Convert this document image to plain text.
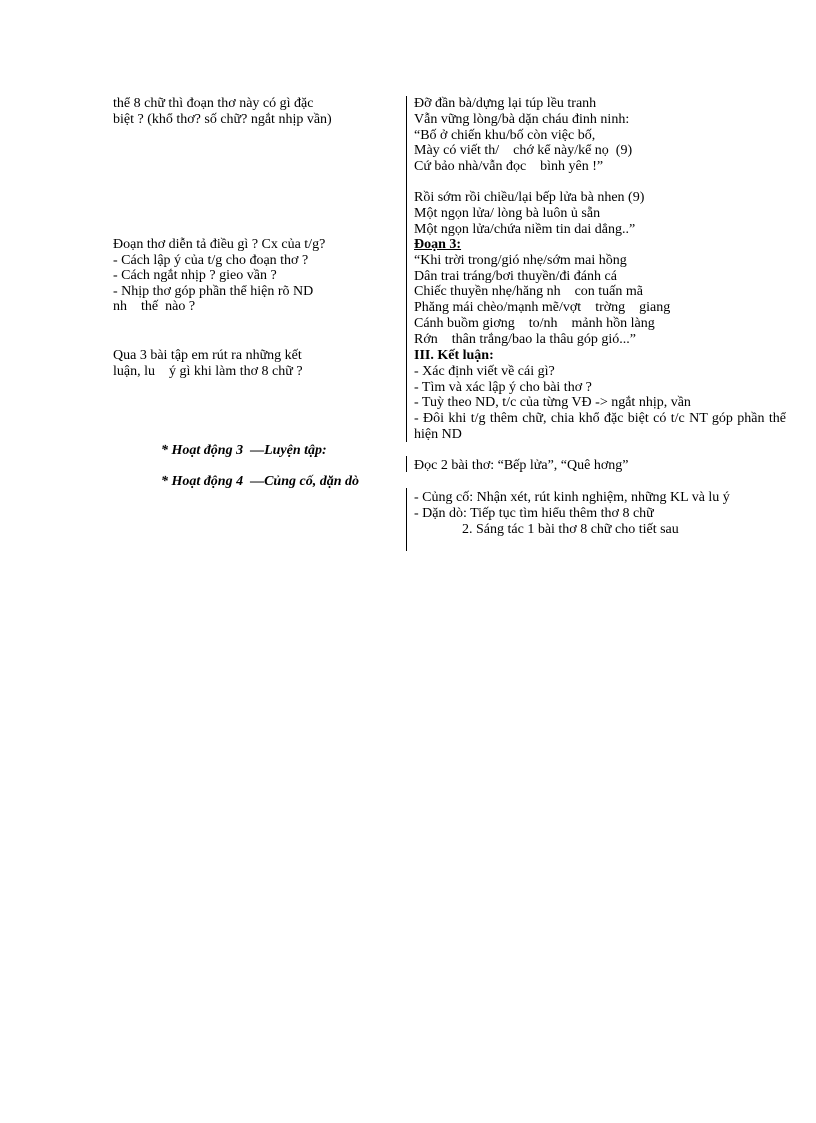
thể 8 chữ thì đoạn thơ này có gì đặc
biệt ? (khổ thơ? số chữ? ngắt nhịp vần)
Đoạn thơ diễn tả điều gì ? Cx của t/g?
- Cách lập ý của t/g cho đoạn thơ ?
- Cách ngắt nhịp ? gieo vần ?
- Nhịp thơ góp phần thể hiện rõ ND
nh    thế  nào ?
Qua 3 bài tập em rút ra những kết
luận, lu    ý gì khi làm thơ 8 chữ ?
* Hoạt động 3  —Luyện tập:
* Hoạt động 4  —Củng cố, dặn dò
Đỡ đần bà/dựng lại túp lều tranh
Vẫn vững lòng/bà dặn cháu đinh ninh:
“Bố ở chiến khu/bố còn việc bố,
Mày có viết th/    chớ kể này/kể nọ  (9)
Cứ bảo nhà/vẫn đọc    bình yên !”
Rồi sớm rồi chiều/lại bếp lửa bà nhen (9)
Một ngọn lửa/ lòng bà luôn ủ sẵn
Một ngọn lửa/chứa niềm tin dai dẳng..”
Đoạn 3:
“Khi trời trong/gió nhẹ/sớm mai hồng
Dân trai tráng/bơi thuyền/đi đánh cá
Chiếc thuyền nhẹ/hăng nh    con tuấn mã
Phăng mái chèo/mạnh mẽ/vợt    trờng    giang
Cánh buồm giơng    to/nh    mảnh hồn làng
Rớn    thân trắng/bao la thâu góp gió...”
III. Kết luận:
- Xác định viết về cái gì?
- Tìm và xác lập ý cho bài thơ ?
- Tuỳ theo ND, t/c của từng VĐ -> ngắt nhịp, vần
- Đôi khi t/g thêm chữ, chia khổ đặc biệt có t/c NT góp phần thể hiện ND
Đọc 2 bài thơ: “Bếp lửa”, “Quê hơng”
- Củng cố: Nhận xét, rút kinh nghiệm, những KL và lu ý
- Dặn dò: Tiếp tục tìm hiểu thêm thơ 8 chữ
2. Sáng tác 1 bài thơ 8 chữ cho tiết sau
